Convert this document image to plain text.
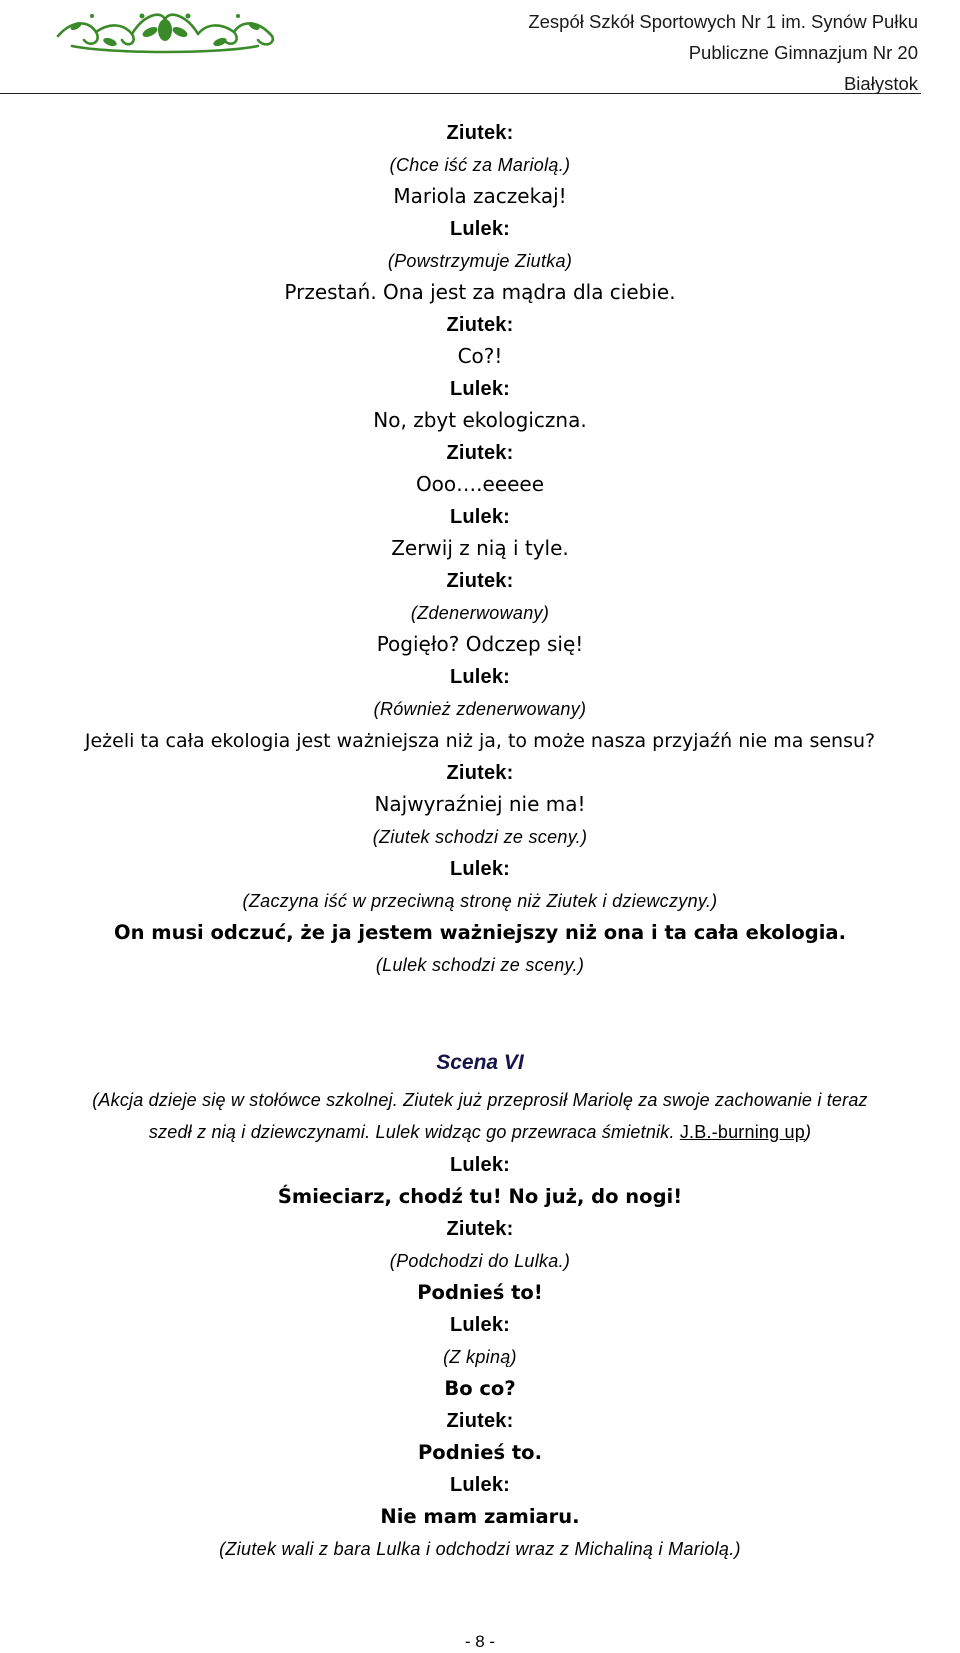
Zespół Szkół Sportowych Nr 1 im. Synów Pułku
Publiczne Gimnazjum Nr 20
Białystok
Ziutek:
(Chce iść za Mariolą.)
Mariola zaczekaj!
Lulek:
(Powstrzymuje Ziutka)
Przestań. Ona jest za mądra dla ciebie.
Ziutek:
Co?!
Lulek:
No, zbyt ekologiczna.
Ziutek:
Ooo….eeeee
Lulek:
Zerwij z nią i tyle.
Ziutek:
(Zdenerwowany)
Pogięło? Odczep się!
Lulek:
(Również zdenerwowany)
Jeżeli ta cała ekologia jest ważniejsza niż ja, to może nasza przyjaźń nie ma sensu?
Ziutek:
Najwyraźniej nie ma!
(Ziutek schodzi ze sceny.)
Lulek:
(Zaczyna iść w przeciwną stronę niż Ziutek i dziewczyny.)
On musi odczuć, że ja jestem ważniejszy niż ona i ta cała ekologia.
(Lulek schodzi ze sceny.)
Scena VI
(Akcja dzieje się w stołówce szkolnej. Ziutek już przeprosił Mariolę za swoje zachowanie i teraz
szedł z nią i dziewczynami. Lulek widząc go przewraca śmietnik. J.B.-burning up)
Lulek:
Śmieciarz, chodź tu! No już, do nogi!
Ziutek:
(Podchodzi do Lulka.)
Podnieś to!
Lulek:
(Z kpiną)
Bo co?
Ziutek:
Podnieś to.
Lulek:
Nie mam zamiaru.
(Ziutek wali z bara Lulka i odchodzi wraz z Michaliną i Mariolą.)
- 8 -
